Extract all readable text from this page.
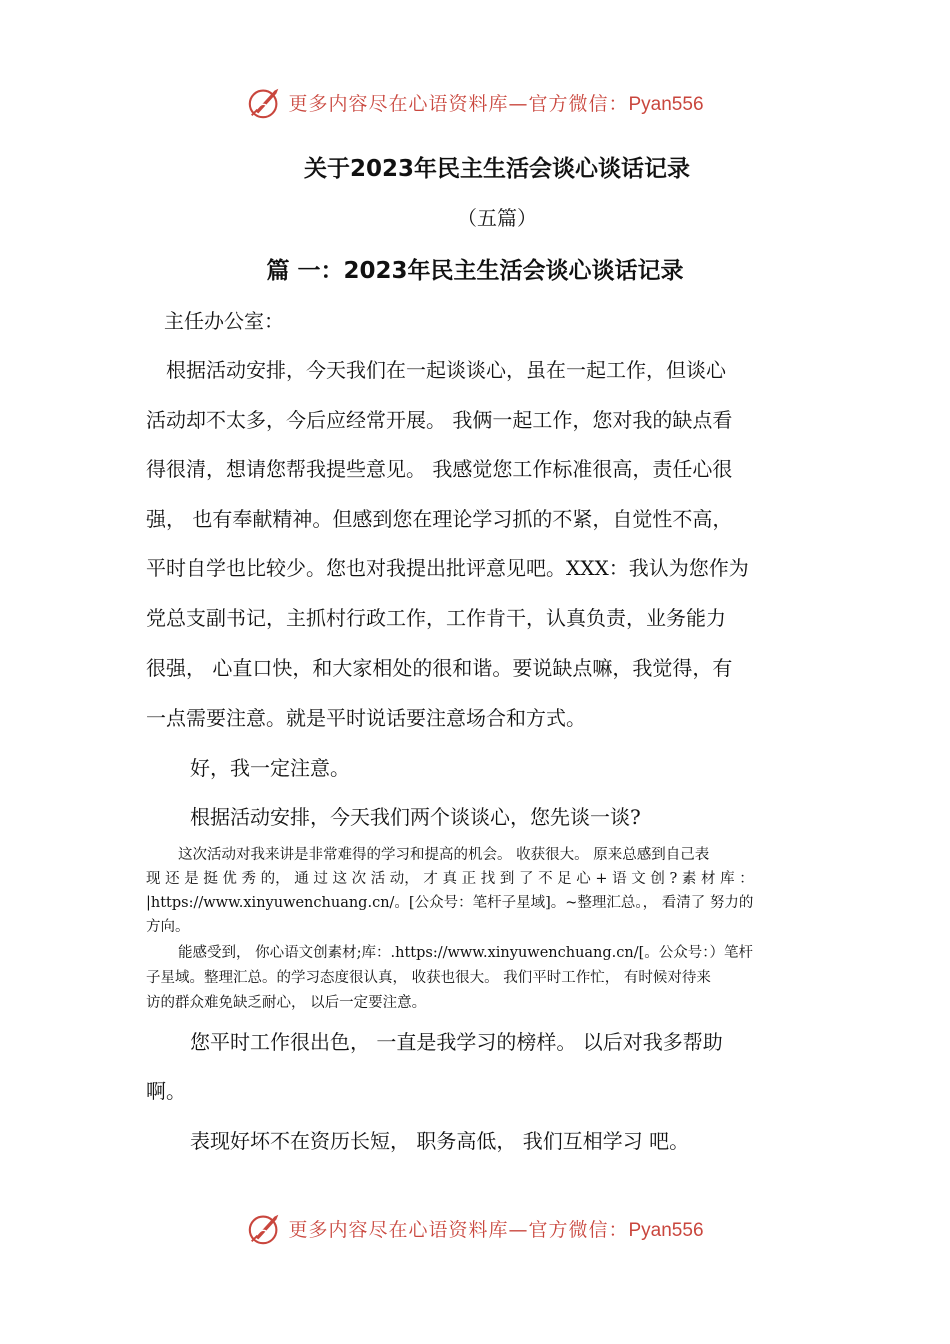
更多内容尽在心语资料库—官方微信：Pyan556
关于2023年民主生活会谈心谈话记录
（五篇）
篇 一：2023年民主生活会谈心谈话记录
主任办公室：
根据活动安排，今天我们在一起谈谈心，虽在一起工作，但谈心
活动却不太多，今后应经常开展。 我俩一起工作，您对我的缺点看
得很清，想请您帮我提些意见。 我感觉您工作标准很高，责任心很
强， 也有奉献精神。但感到您在理论学习抓的不紧，自觉性不高，
平时自学也比较少。您也对我提出批评意见吧。XXX：我认为您作为
党总支副书记，主抓村行政工作，工作肯干，认真负责，业务能力
很强， 心直口快，和大家相处的很和谐。要说缺点嘛，我觉得，有
一点需要注意。就是平时说话要注意场合和方式。
好，我一定注意。
根据活动安排，今天我们两个谈谈心，您先谈一谈?
这次活动对我来讲是非常难得的学习和提高的机会。 收获很大。 原来总感到自己表
现 还 是 挺 优 秀 的， 通 过 这 次 活 动， 才 真 正 找 到 了 不 足 心 + 语 文 创 ? 素 材 库 ：
|https://www.xinyuwenchuang.cn/。[公众号：笔杆子星域]。~整理汇总。， 看清了 努力的
方向。
能感受到， 你心语文创素材;库：.https://www.xinyuwenchuang.cn/[。公众号：）笔杆
子星域。整理汇总。的学习态度很认真， 收获也很大。 我们平时工作忙， 有时候对待来
访的群众难免缺乏耐心， 以后一定要注意。
您平时工作很出色， 一直是我学习的榜样。 以后对我多帮助
啊。
表现好坏不在资历长短， 职务高低， 我们互相学习 吧。
更多内容尽在心语资料库—官方微信：Pyan556
